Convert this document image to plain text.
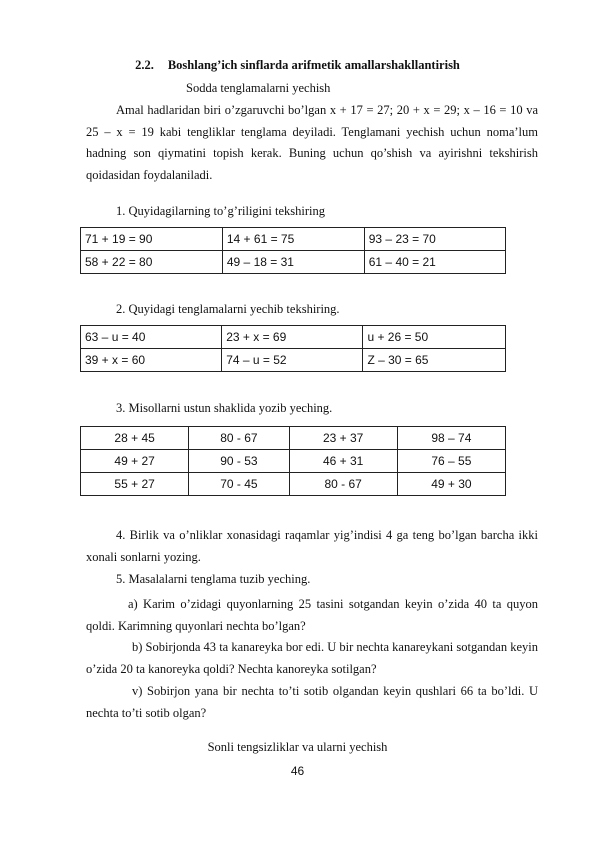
2.2. Boshlang’ich sinflarda arifmetik amallarshakllantirish
Sodda tenglamalarni yechish

Amal hadlaridan biri o’zgaruvchi bo’lgan x + 17 = 27; 20 + x = 29; x – 16 = 10 va 25 – x = 19 kabi tengliklar tenglama deyiladi. Tenglamani yechish uchun noma’lum hadning son qiymatini topish kerak. Buning uchun qo’shish va ayirishni tekshirish qoidasidan foydalaniladi.

1. Quyidagilarning to’g’riligini tekshiring
71 + 19 = 90	14 + 61 = 75	93 – 23 = 70
58 + 22 = 80	49 – 18 = 31	61 – 40 = 21
2. Quyidagi tenglamalarni yechib tekshiring.
63 – u = 40	23 + x = 69	u + 26 = 50
39 + x = 60	74 – u = 52	Z – 30 = 65
3. Misollarni ustun shaklida yozib yeching.
28 + 45	80 - 67	23 + 37	98 – 74
49 + 27	90 - 53	46 + 31	76 – 55
55 + 27	70 - 45	80 - 67	49 + 30

4. Birlik va o’nliklar xonasidagi raqamlar yig’indisi 4 ga teng bo’lgan barcha ikki xonali sonlarni yozing.

5. Masalalarni tenglama tuzib yeching.

a) Karim o’zidagi quyonlarning 25 tasini sotgandan keyin o’zida 40 ta quyon qoldi. Karimning quyonlari nechta bo’lgan?

b) Sobirjonda 43 ta kanareyka bor edi. U bir nechta kanareykani sotgandan keyin o’zida 20 ta kanoreyka qoldi? Nechta kanoreyka sotilgan?

v) Sobirjon yana bir nechta to’ti sotib olgandan keyin qushlari 66 ta bo’ldi. U nechta to’ti sotib olgan?

Sonli tengsizliklar va ularni yechish
46
